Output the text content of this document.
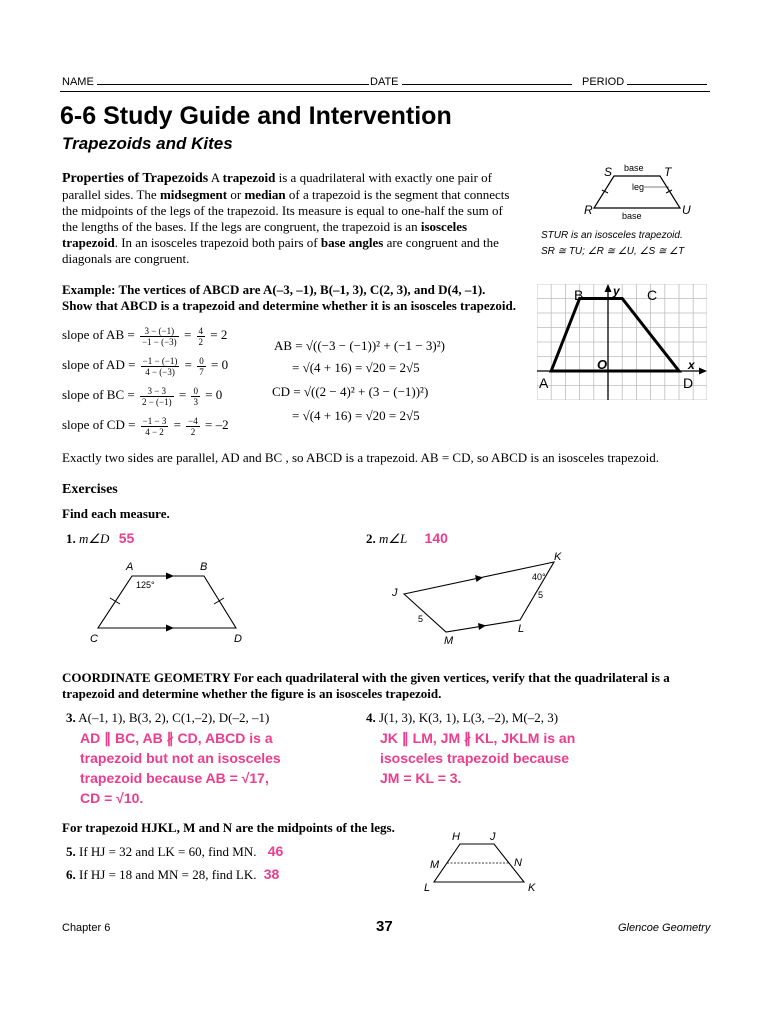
NAME	DATE	PERIOD
6-6 Study Guide and Intervention
Trapezoids and Kites
Properties of Trapezoids A trapezoid is a quadrilateral with exactly one pair of parallel sides. The midsegment or median of a trapezoid is the segment that connects the midpoints of the legs of the trapezoid. Its measure is equal to one-half the sum of the lengths of the bases. If the legs are congruent, the trapezoid is an isosceles trapezoid. In an isosceles trapezoid both pairs of base angles are congruent and the diagonals are congruent.
S	T
R	U
base
leg
base
STUR is an isosceles trapezoid.
SR ≅ TU; ∠R ≅ ∠U, ∠S ≅ ∠T
Example: The vertices of ABCD are A(–3, –1), B(–1, 3), C(2, 3), and D(4, –1).
Show that ABCD is a trapezoid and determine whether it is an isosceles trapezoid.
slope of AB = $\frac{3 - (-1)}{-1 - (-3)} = \frac{4}{2} = 2$
slope of AD = $\frac{-1 - (-1)}{4 - (-3)} = \frac{0}{7} = 0$
slope of BC = $\frac{3 - 3}{2 - (-1)} = \frac{0}{3} = 0$
slope of CD = $\frac{-1 - 3}{4 - 2} = \frac{-4}{2} = -2$
AB = √((−3 − (−1))² + (−1 − 3)²)
= √(4 + 16) = √20 = 2√5
CD = √((2 − 4)² + (3 − (−1))²)
= √(4 + 16) = √20 = 2√5
B	C
y
O	x
A	D
Exactly two sides are parallel, AD and BC , so ABCD is a trapezoid. AB = CD, so ABCD is an isosceles trapezoid.
Exercises
Find each measure.
1. m∠D 55	2. m∠L 140
A	B
C	D
125°
K
J
L
M
40°
5
5
COORDINATE GEOMETRY For each quadrilateral with the given vertices, verify that the quadrilateral is a trapezoid and determine whether the figure is an isosceles trapezoid.
3. A(–1, 1), B(3, 2), C(1,–2), D(–2, –1)
AD ∥ BC, AB ∦ CD, ABCD is a
trapezoid but not an isosceles
trapezoid because AB = √17,
CD = √10.
4. J(1, 3), K(3, 1), L(3, –2), M(–2, 3)
JK ∥ LM, JM ∦ KL, JKLM is an
isosceles trapezoid because
JM = KL = 3.
For trapezoid HJKL, M and N are the midpoints of the legs.
5. If HJ = 32 and LK = 60, find MN. 46
6. If HJ = 18 and MN = 28, find LK. 38
H	J
M	N
L	K
Chapter 6	37	Glencoe Geometry
